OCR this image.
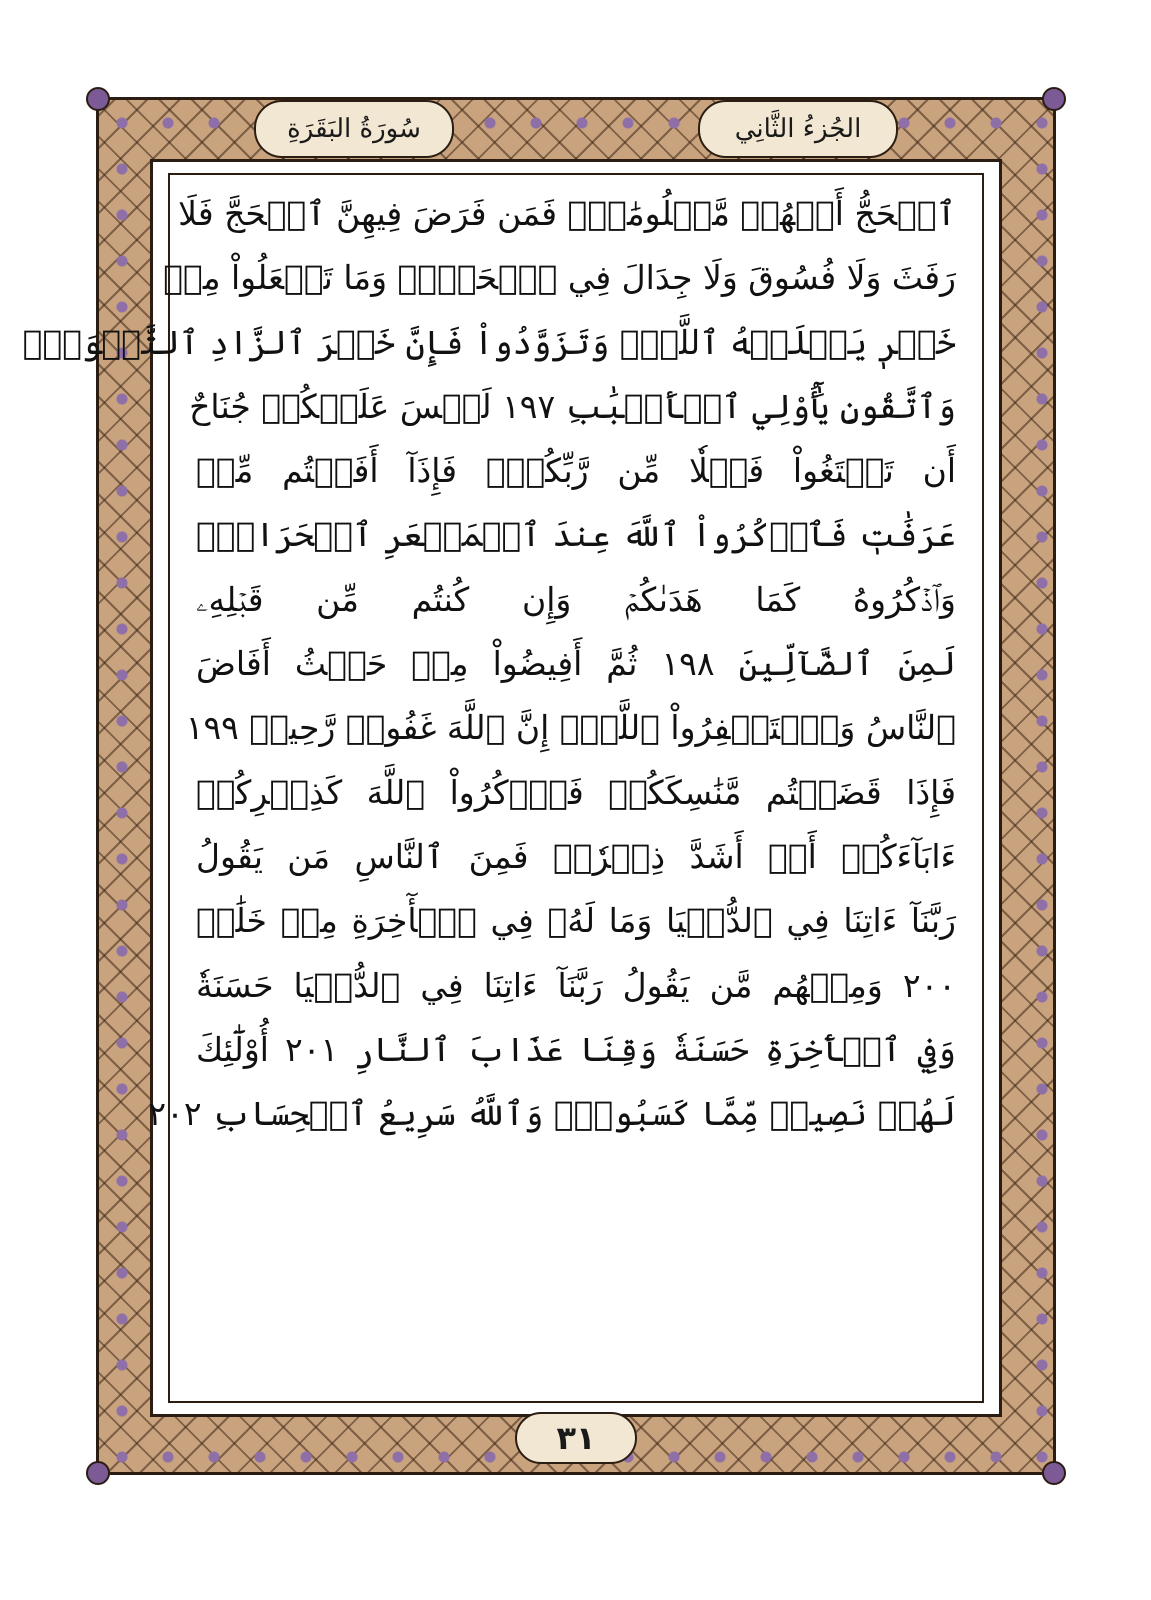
الجُزءُ الثَّانِي
سُورَةُ البَقَرَةِ
ٱلۡحَجُّ أَشۡهُرٞ مَّعۡلُومَٰتٞۚ فَمَن فَرَضَ فِيهِنَّ ٱلۡحَجَّ فَلَا
رَفَثَ وَلَا فُسُوقَ وَلَا جِدَالَ فِي ٱلۡحَجِّۗ وَمَا تَفۡعَلُواْ مِنۡ
خَيۡرٖ يَعۡلَمۡهُ ٱللَّهُۗ وَتَزَوَّدُواْ فَإِنَّ خَيۡرَ ٱلزَّادِ ٱلتَّقۡوَىٰۖ
وَٱتَّقُونِ يَٰٓأُوْلِي ٱلۡأَلۡبَٰبِ ١٩٧ لَيۡسَ عَلَيۡكُمۡ جُنَاحٌ
أَن تَبۡتَغُواْ فَضۡلٗا مِّن رَّبِّكُمۡۚ فَإِذَآ أَفَضۡتُم مِّنۡ
عَرَفَٰتٖ فَٱذۡكُرُواْ ٱللَّهَ عِندَ ٱلۡمَشۡعَرِ ٱلۡحَرَامِۖ
وَٱذۡكُرُوهُ كَمَا هَدَىٰكُمۡ وَإِن كُنتُم مِّن قَبۡلِهِۦ
لَمِنَ ٱلضَّآلِّينَ ١٩٨ ثُمَّ أَفِيضُواْ مِنۡ حَيۡثُ أَفَاضَ
ٱلنَّاسُ وَٱسۡتَغۡفِرُواْ ٱللَّهَۚ إِنَّ ٱللَّهَ غَفُورٞ رَّحِيمٞ ١٩٩
فَإِذَا قَضَيۡتُم مَّنَٰسِكَكُمۡ فَٱذۡكُرُواْ ٱللَّهَ كَذِكۡرِكُمۡ
ءَابَآءَكُمۡ أَوۡ أَشَدَّ ذِكۡرٗاۗ فَمِنَ ٱلنَّاسِ مَن يَقُولُ
رَبَّنَآ ءَاتِنَا فِي ٱلدُّنۡيَا وَمَا لَهُۥ فِي ٱلۡأٓخِرَةِ مِنۡ خَلَٰقٖ
٢٠٠ وَمِنۡهُم مَّن يَقُولُ رَبَّنَآ ءَاتِنَا فِي ٱلدُّنۡيَا حَسَنَةٗ
وَفِي ٱلۡأٓخِرَةِ حَسَنَةٗ وَقِنَا عَذَابَ ٱلنَّارِ ٢٠١ أُوْلَٰٓئِكَ
لَهُمۡ نَصِيبٞ مِّمَّا كَسَبُواْۚ وَٱللَّهُ سَرِيعُ ٱلۡحِسَابِ ٢٠٢
٣١
